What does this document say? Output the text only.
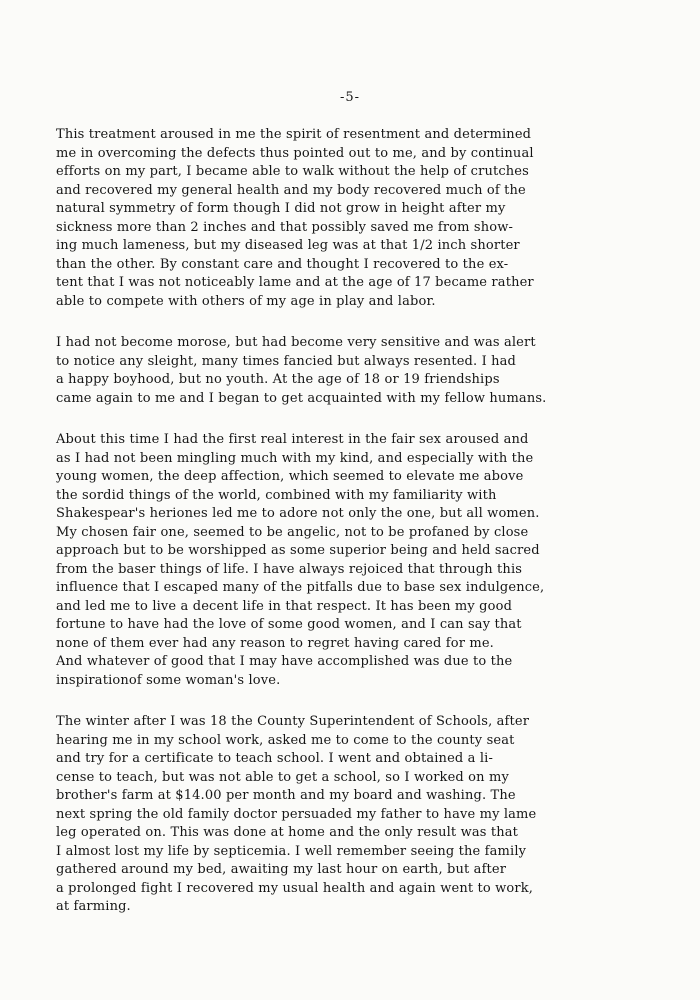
-5-
This treatment aroused in me the spirit of resentment and determined
me in overcoming the defects thus pointed out to me, and by continual
efforts on my part, I became able to walk without the help of crutches
and recovered my general health and my body recovered much of the
natural symmetry of form though I did not grow in height after my
sickness more than 2 inches and that possibly saved me from show-
ing much lameness, but my diseased leg was at that 1/2 inch shorter
than the other. By constant care and thought I recovered to the ex-
tent that I was not noticeably lame and at the age of 17 became rather
able to compete with others of my age in play and labor.
I had not become morose, but had become very sensitive and was alert
to notice any sleight, many times fancied but always resented. I had
a happy boyhood, but no youth. At the age of 18 or 19 friendships
came again to me and I began to get acquainted with my fellow humans.
About this time I had the first real interest in the fair sex aroused and
as I had not been mingling much with my kind, and especially with the
young women, the deep affection, which seemed to elevate me above
the sordid things of the world, combined with my familiarity with
Shakespear's heriones led me to adore not only the one, but all women.
My chosen fair one, seemed to be angelic, not to be profaned by close
approach but to be worshipped as some superior being and held sacred
from the baser things of life. I have always rejoiced that through this
influence that I escaped many of the pitfalls due to base sex indulgence,
and led me to live a decent life in that respect. It has been my good
fortune to have had the love of some good women, and I can say that
none of them ever had any reason to regret having cared for me.
And whatever of good that I may have accomplished was due to the
inspirationof some woman's love.
The winter after I was 18 the County Superintendent of Schools, after
hearing me in my school work, asked me to come to the county seat
and try for a certificate to teach school. I went and obtained a li-
cense to teach, but was not able to get a school, so I worked on my
brother's farm at $14.00 per month and my board and washing. The
next spring the old family doctor persuaded my father to have my lame
leg operated on. This was done at home and the only result was that
I almost lost my life by septicemia. I well remember seeing the family
gathered around my bed, awaiting my last hour on earth, but after
a prolonged fight I recovered my usual health and again went to work,
at farming.
